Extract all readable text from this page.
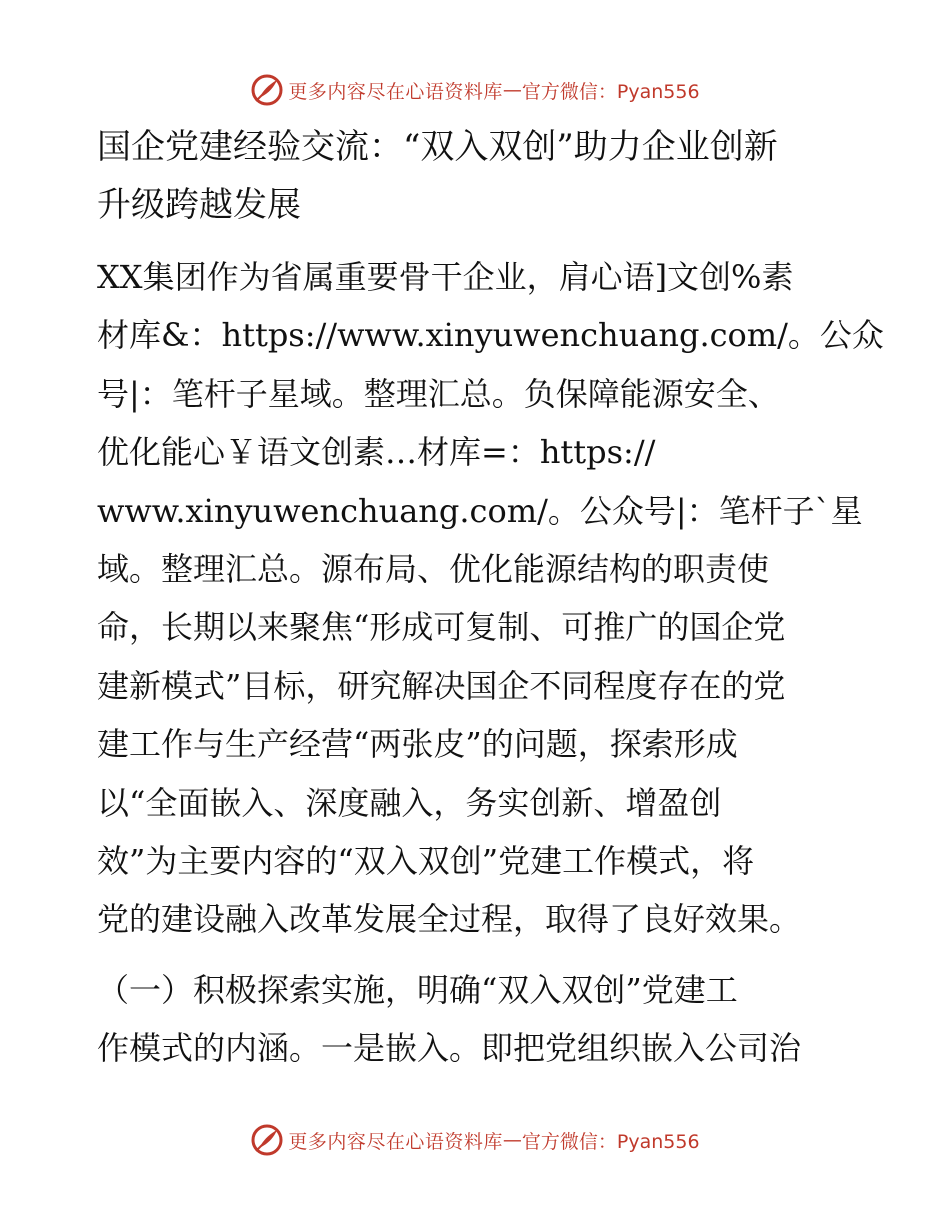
更多内容尽在心语资料库 — 官方微信：Pyan556
国企党建经验交流：“双入双创”助力企业创新
升级跨越发展
XX集团作为省属重要骨干企业，肩心语]文创%素
材库&：https://www.xinyuwenchuang.com/。公众
号|：笔杆子星域。整理汇总。负保障能源安全、
优化能心￥语文创素…材库=：https://
www.xinyuwenchuang.com/。公众号|：笔杆子`星
域。整理汇总。源布局、优化能源结构的职责使
命，长期以来聚焦“形成可复制、可推广的国企党
建新模式”目标，研究解决国企不同程度存在的党
建工作与生产经营“两张皮”的问题，探索形成
以“全面嵌入、深度融入，务实创新、增盈创
效”为主要内容的“双入双创”党建工作模式，将
党的建设融入改革发展全过程，取得了良好效果。
（一）积极探索实施，明确“双入双创”党建工
作模式的内涵。一是嵌入。即把党组织嵌入公司治
更多内容尽在心语资料库 — 官方微信：Pyan556
